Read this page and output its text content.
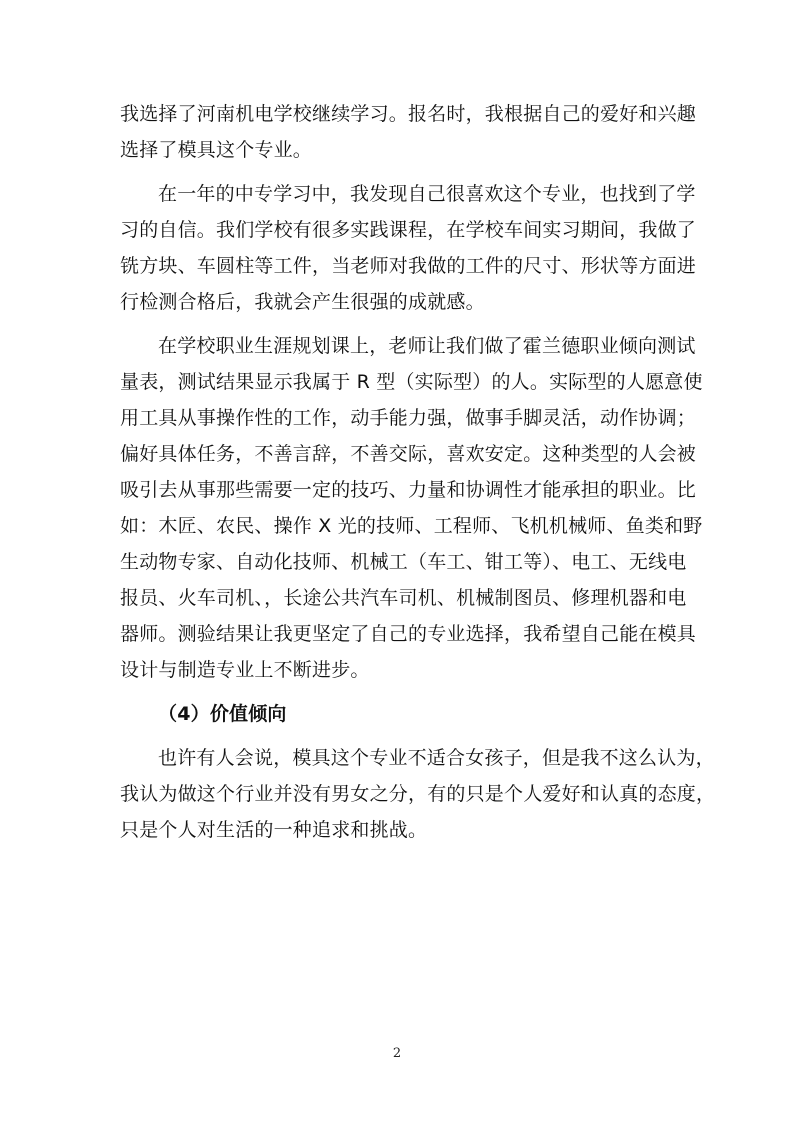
我选择了河南机电学校继续学习。报名时，我根据自己的爱好和兴趣
选择了模具这个专业。
在一年的中专学习中，我发现自己很喜欢这个专业，也找到了学
习的自信。我们学校有很多实践课程，在学校车间实习期间，我做了
铣方块、车圆柱等工件，当老师对我做的工件的尺寸、形状等方面进
行检测合格后，我就会产生很强的成就感。
在学校职业生涯规划课上，老师让我们做了霍兰德职业倾向测试
量表，测试结果显示我属于 R 型（实际型）的人。实际型的人愿意使
用工具从事操作性的工作，动手能力强，做事手脚灵活，动作协调；
偏好具体任务，不善言辞，不善交际，喜欢安定。这种类型的人会被
吸引去从事那些需要一定的技巧、力量和协调性才能承担的职业。比
如：木匠、农民、操作 X 光的技师、工程师、飞机机械师、鱼类和野
生动物专家、自动化技师、机械工（车工、钳工等）、电工、无线电
报员、火车司机、，长途公共汽车司机、机械制图员、修理机器和电
器师。测验结果让我更坚定了自己的专业选择，我希望自己能在模具
设计与制造专业上不断进步。
（4）价值倾向
也许有人会说，模具这个专业不适合女孩子，但是我不这么认为，
我认为做这个行业并没有男女之分，有的只是个人爱好和认真的态度，
只是个人对生活的一种追求和挑战。
2
